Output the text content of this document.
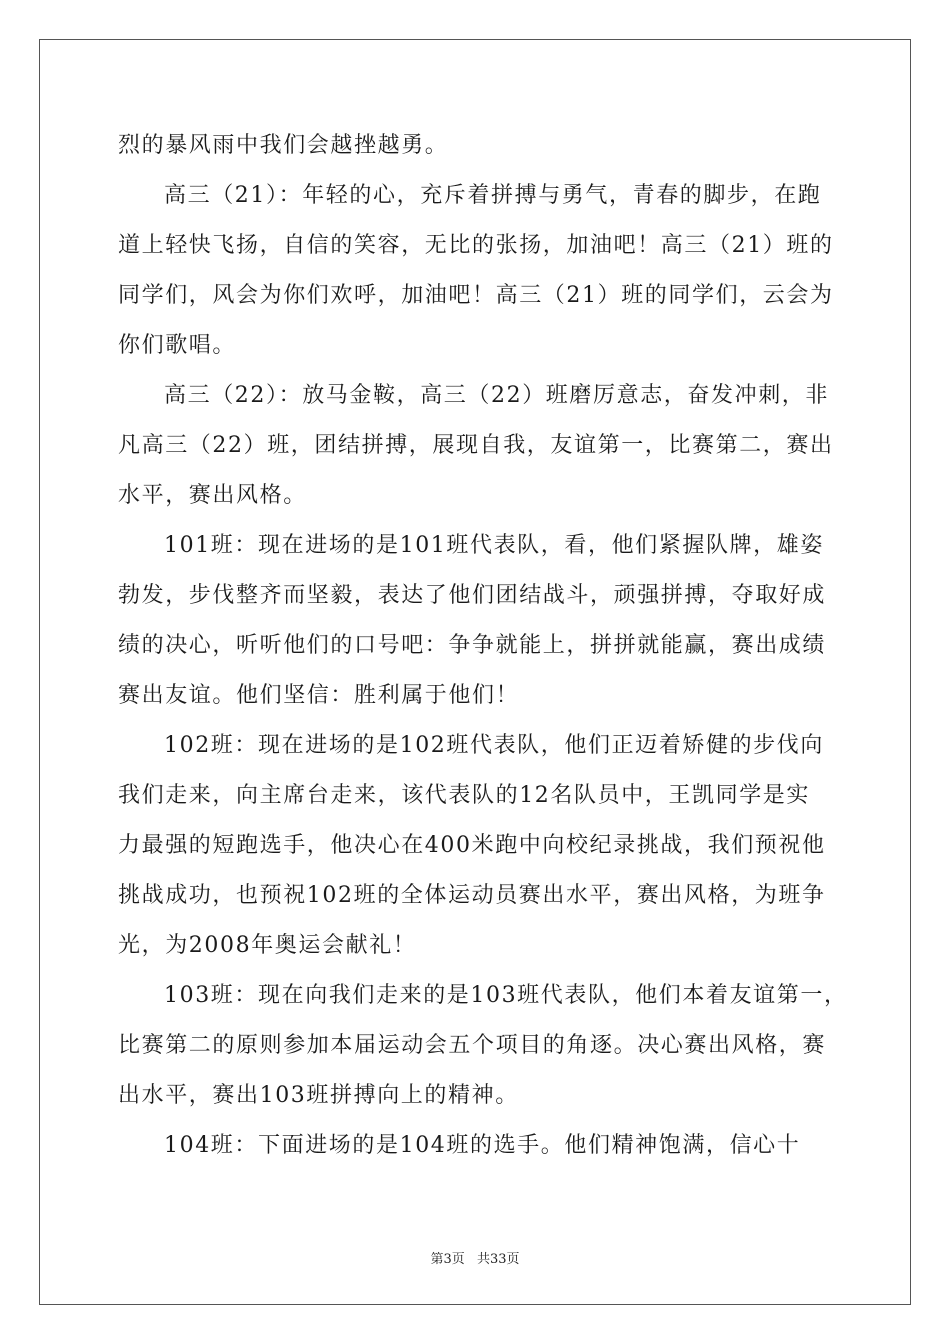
烈的暴风雨中我们会越挫越勇。
高三（21）：年轻的心，充斥着拼搏与勇气，青春的脚步，在跑
道上轻快飞扬，自信的笑容，无比的张扬，加油吧！高三（21）班的
同学们，风会为你们欢呼，加油吧！高三（21）班的同学们，云会为
你们歌唱。
高三（22）：放马金鞍，高三（22）班磨厉意志，奋发冲刺，非
凡高三（22）班，团结拼搏，展现自我，友谊第一，比赛第二，赛出
水平，赛出风格。
101班：现在进场的是101班代表队，看，他们紧握队牌，雄姿
勃发，步伐整齐而坚毅，表达了他们团结战斗，顽强拼搏，夺取好成
绩的决心，听听他们的口号吧：争争就能上，拼拼就能赢，赛出成绩
赛出友谊。他们坚信：胜利属于他们！
102班：现在进场的是102班代表队，他们正迈着矫健的步伐向
我们走来，向主席台走来，该代表队的12名队员中，王凯同学是实
力最强的短跑选手，他决心在400米跑中向校纪录挑战，我们预祝他
挑战成功，也预祝102班的全体运动员赛出水平，赛出风格，为班争
光，为2008年奥运会献礼！
103班：现在向我们走来的是103班代表队，他们本着友谊第一，
比赛第二的原则参加本届运动会五个项目的角逐。决心赛出风格，赛
出水平，赛出103班拼搏向上的精神。
104班：下面进场的是104班的选手。他们精神饱满，信心十
第3页 共33页
